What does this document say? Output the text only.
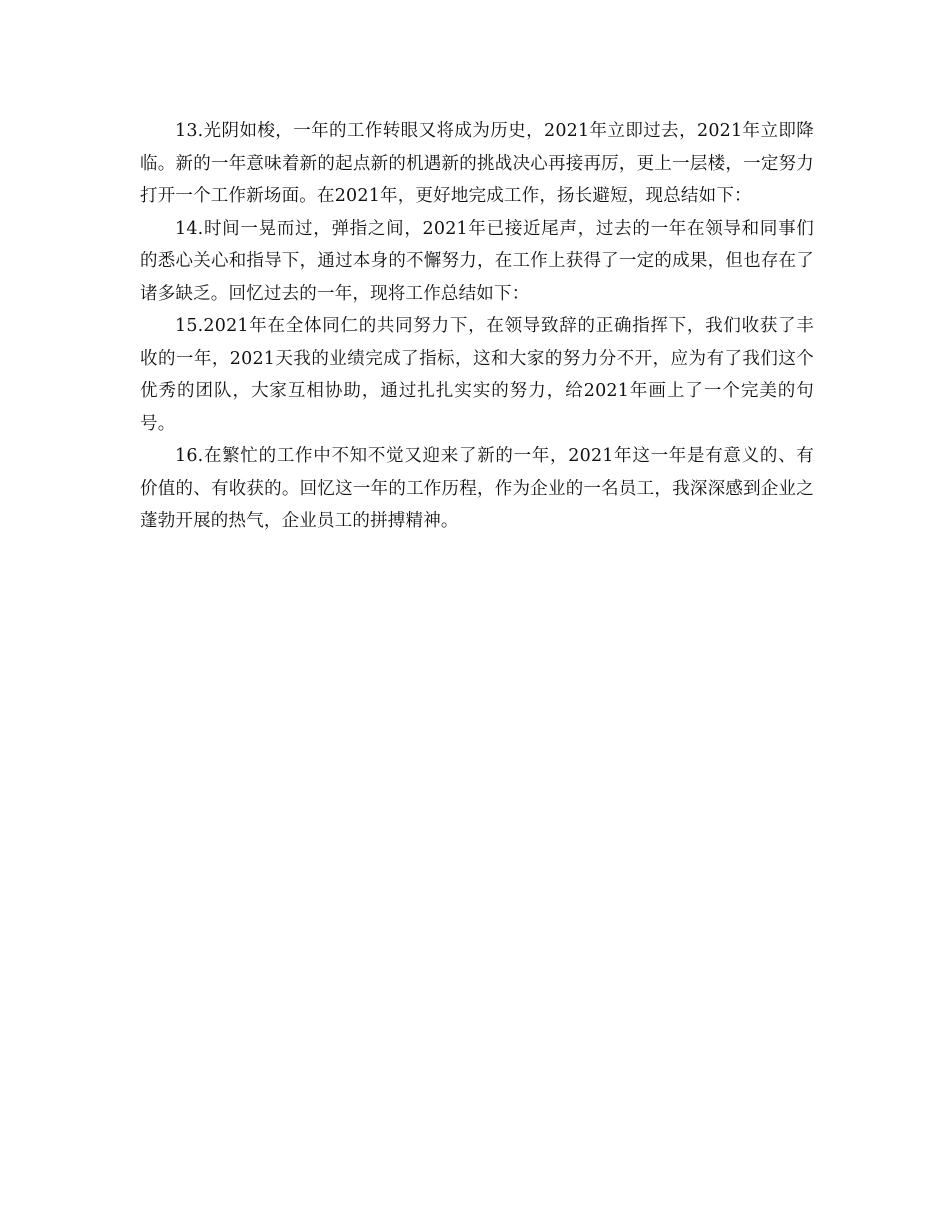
13.光阴如梭，一年的工作转眼又将成为历史，2021年立即过去，2021年立即降临。新的一年意味着新的起点新的机遇新的挑战决心再接再厉，更上一层楼，一定努力打开一个工作新场面。在2021年，更好地完成工作，扬长避短，现总结如下：

14.时间一晃而过，弹指之间，2021年已接近尾声，过去的一年在领导和同事们的悉心关心和指导下，通过本身的不懈努力，在工作上获得了一定的成果，但也存在了诸多缺乏。回忆过去的一年，现将工作总结如下：

15.2021年在全体同仁的共同努力下，在领导致辞的正确指挥下，我们收获了丰收的一年，2021天我的业绩完成了指标，这和大家的努力分不开，应为有了我们这个优秀的团队，大家互相协助，通过扎扎实实的努力，给2021年画上了一个完美的句号。

16.在繁忙的工作中不知不觉又迎来了新的一年，2021年这一年是有意义的、有价值的、有收获的。回忆这一年的工作历程，作为企业的一名员工，我深深感到企业之蓬勃开展的热气，企业员工的拼搏精神。
